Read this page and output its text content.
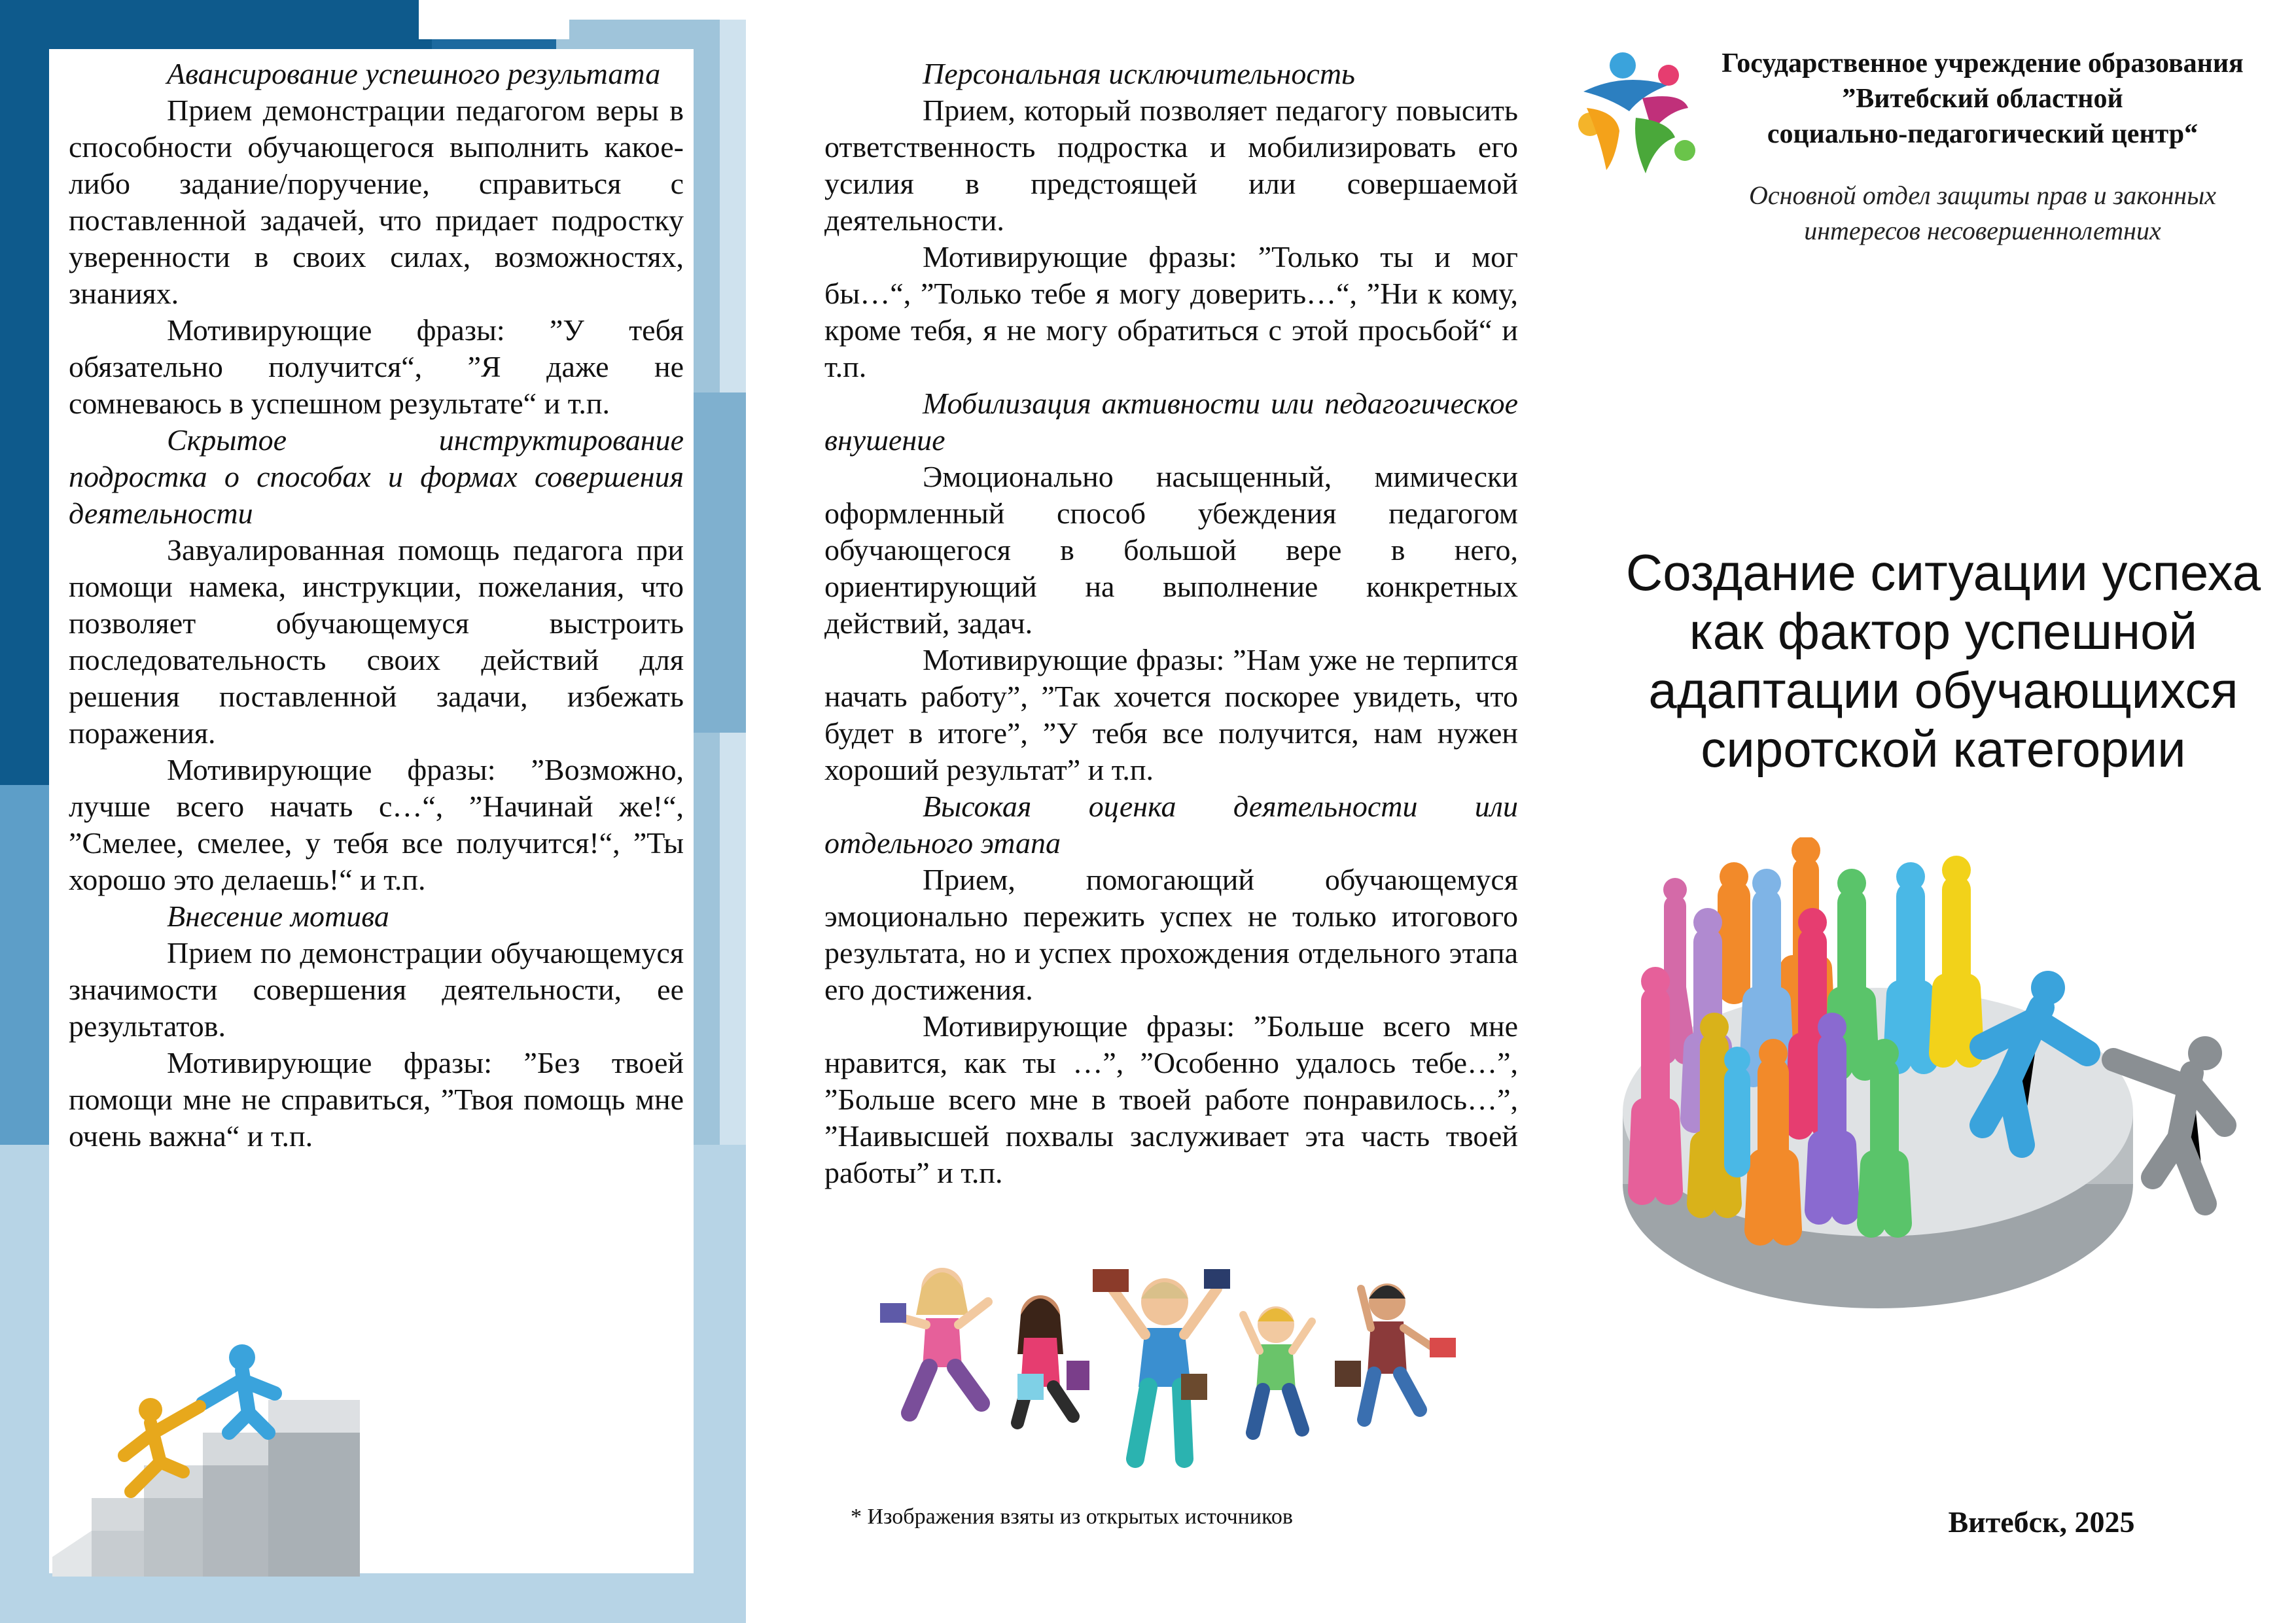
Авансирование успешного результата

Прием демонстрации педагогом веры в способности обучающегося выполнить какое-либо задание/поручение, справиться с поставленной задачей, что придает подростку уверенности в своих силах, возможностях, знаниях.

Мотивирующие фразы: ”У тебя обязательно получится“, ”Я даже не сомневаюсь в успешном результате“ и т.п.

Скрытое инструктирование подростка о способах и формах совершения деятельности

Завуалированная помощь педагога при помощи намека, инструкции, пожелания, что позволяет обучающемуся выстроить последовательность своих действий для решения поставленной задачи, избежать поражения.

Мотивирующие фразы: ”Возможно, лучше всего начать с…“, ”Начинай же!“, ”Смелее, смелее, у тебя все получится!“, ”Ты хорошо это делаешь!“ и т.п.

Внесение мотива

Прием по демонстрации обучающемуся значимости совершения деятельности, ее результатов.

Мотивирующие фразы: ”Без твоей помощи мне не справиться, ”Твоя помощь мне очень важна“ и т.п.

Персональная исключительность

Прием, который позволяет педагогу повысить ответственность подростка и мобилизировать его усилия в предстоящей или совершаемой деятельности.

Мотивирующие фразы: ”Только ты и мог бы…“, ”Только тебе я могу доверить…“, ”Ни к кому, кроме тебя, я не могу обратиться с этой просьбой“ и т.п.

Мобилизация активности или педагогическое внушение

Эмоционально насыщенный, мимически оформленный способ убеждения педагогом обучающегося в большой вере в него, ориентирующий на выполнение конкретных действий, задач.

Мотивирующие фразы: ”Нам уже не терпится начать работу”, ”Так хочется поскорее увидеть, что будет в итоге”, ”У тебя все получится, нам нужен хороший результат” и т.п.

Высокая оценка деятельности или отдельного этапа

Прием, помогающий обучающемуся эмоционально пережить успех не только итогового результата, но и успех прохождения отдельного этапа его достижения.

Мотивирующие фразы: ”Больше всего мне нравится, как ты …”, ”Особенно удалось тебе…”, ”Больше всего мне в твоей работе понравилось…”, ”Наивысшей похвалы заслуживает эта часть твоей работы” и т.п.

* Изображения взяты из открытых источников
Государственное учреждение образования
”Витебский областной
социально-педагогический центр“
Основной отдел защиты прав и законных
интересов несовершеннолетних
Создание ситуации успеха
как фактор успешной
адаптации обучающихся
сиротской категории
Витебск, 2025
